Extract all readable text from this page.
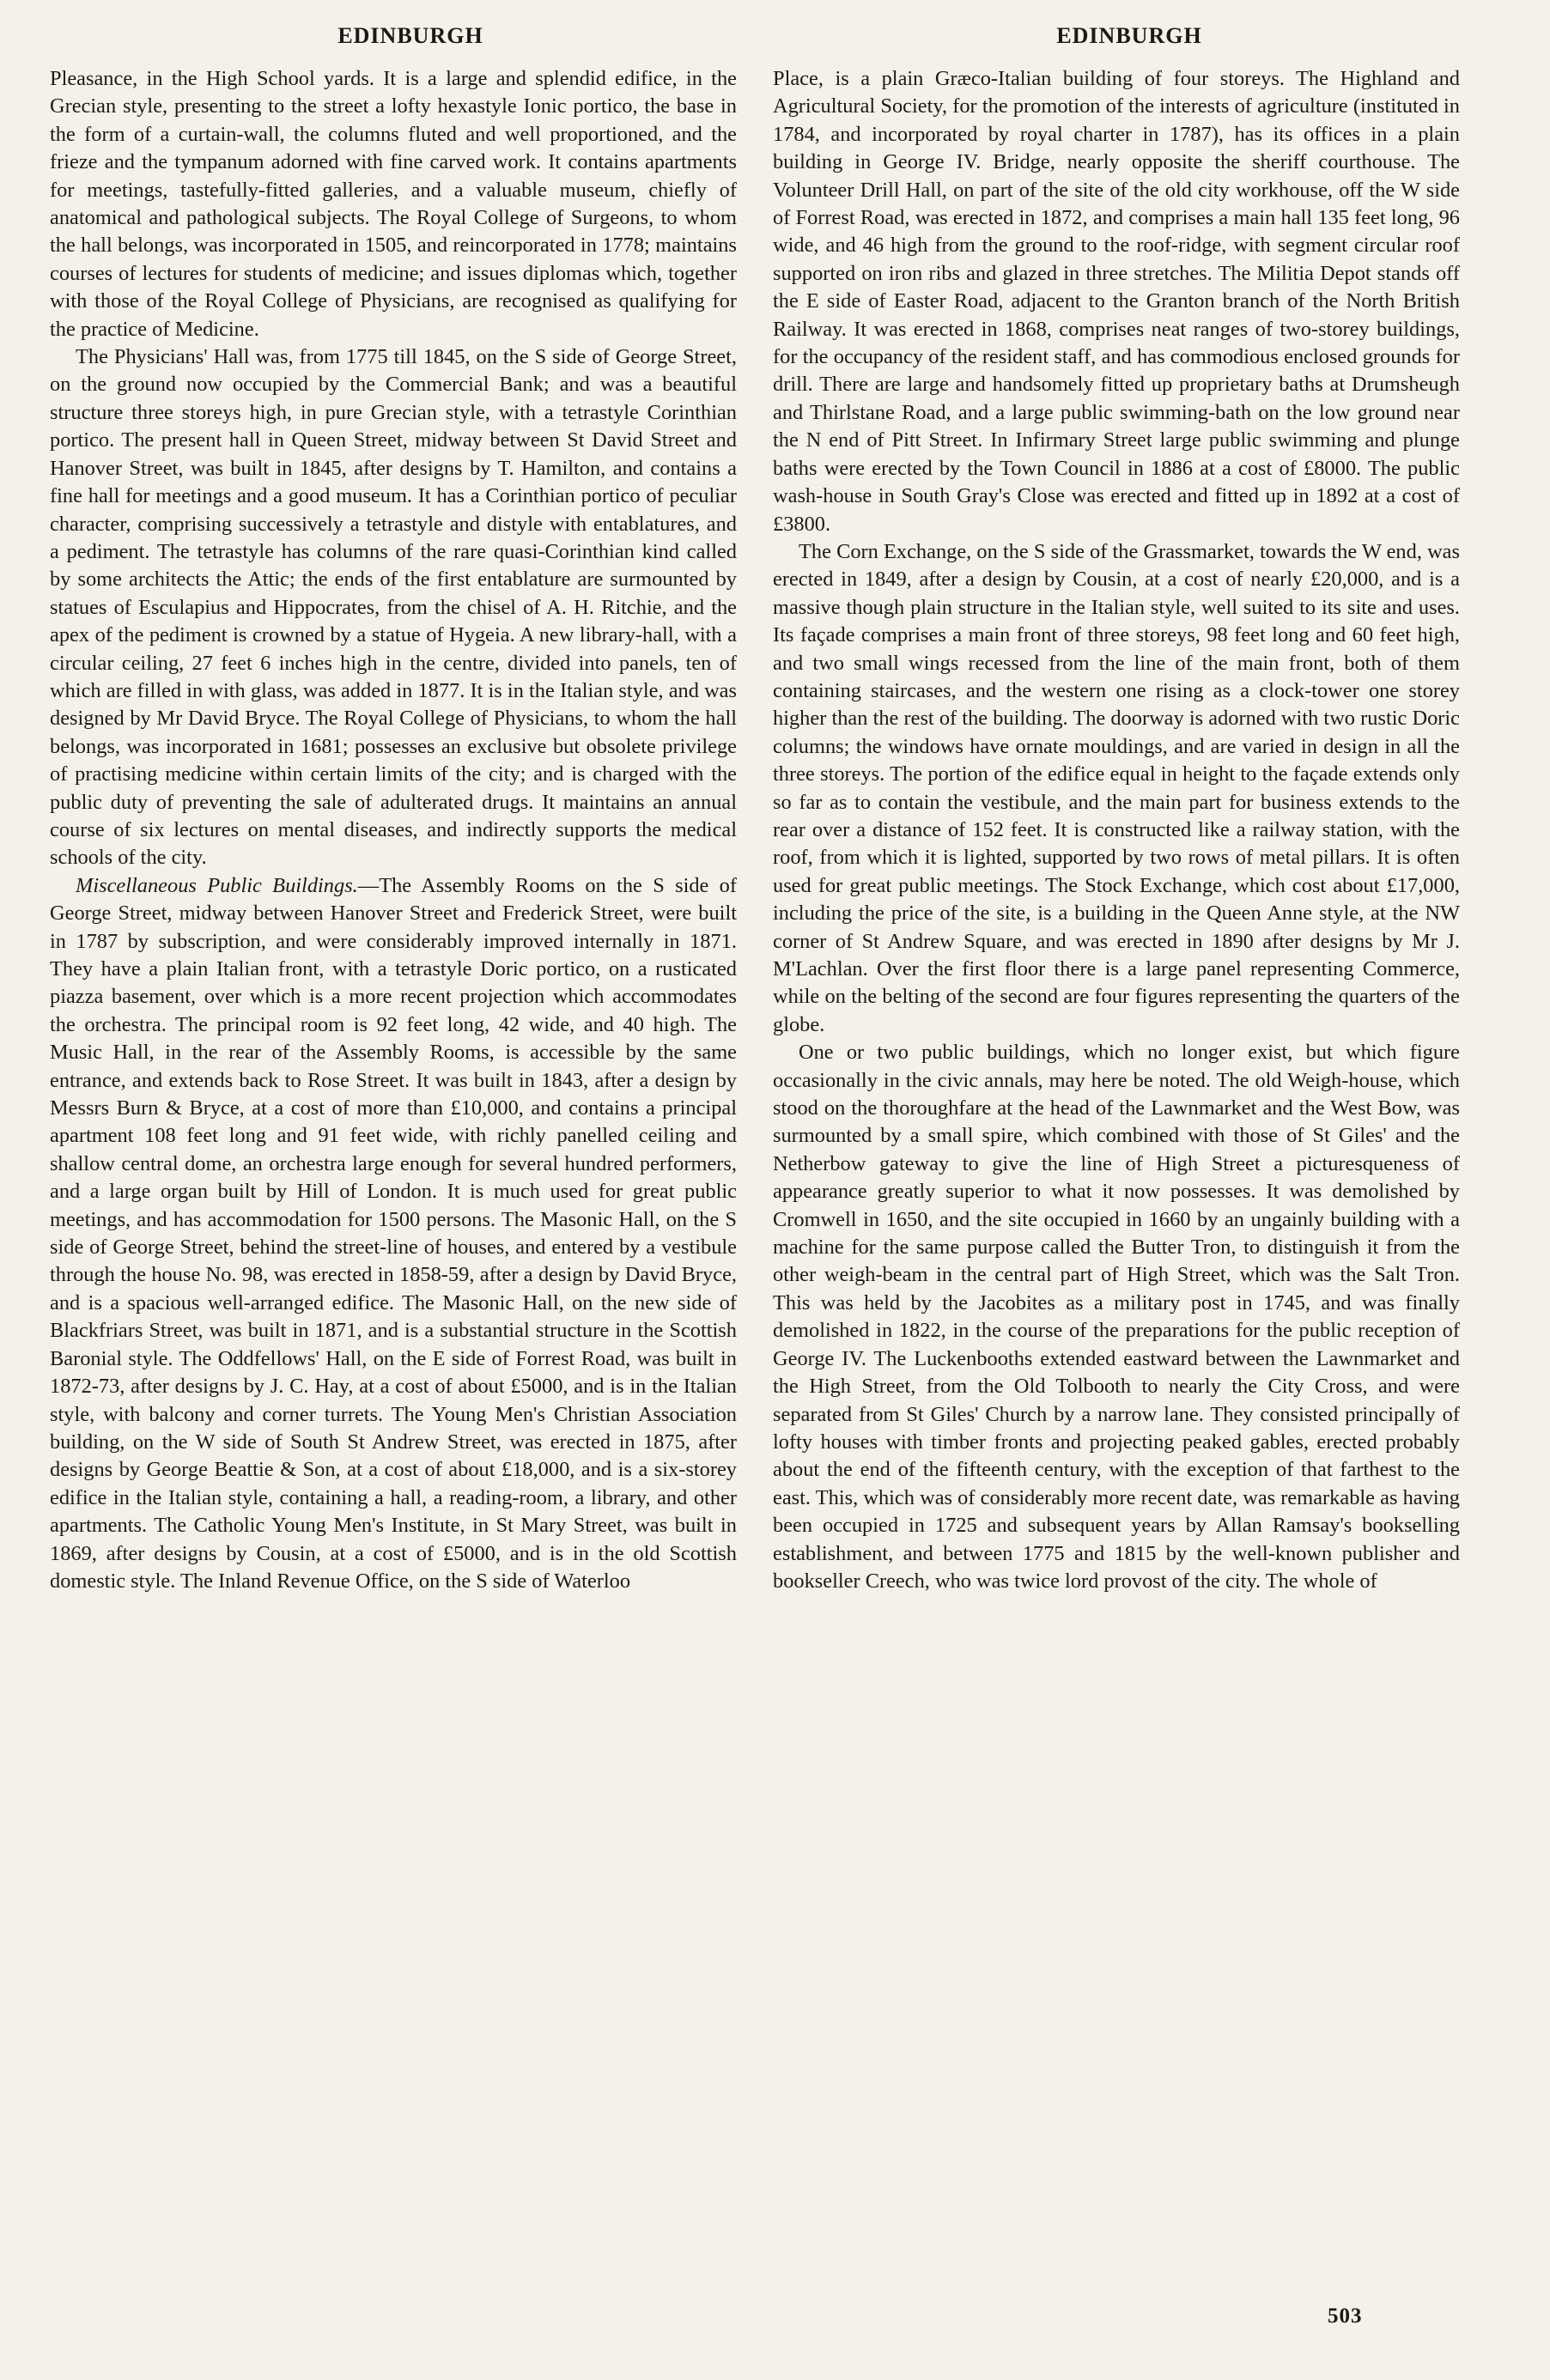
EDINBURGH

Pleasance, in the High School yards. It is a large and splendid edifice, in the Grecian style, presenting to the street a lofty hexastyle Ionic portico, the base in the form of a curtain-wall, the columns fluted and well proportioned, and the frieze and the tympanum adorned with fine carved work. It contains apartments for meetings, tastefully-fitted galleries, and a valuable museum, chiefly of anatomical and pathological subjects. The Royal College of Surgeons, to whom the hall belongs, was incorporated in 1505, and reincorporated in 1778; maintains courses of lectures for students of medicine; and issues diplomas which, together with those of the Royal College of Physicians, are recognised as qualifying for the practice of Medicine.

The Physicians' Hall was, from 1775 till 1845, on the S side of George Street, on the ground now occupied by the Commercial Bank; and was a beautiful structure three storeys high, in pure Grecian style, with a tetrastyle Corinthian portico. The present hall in Queen Street, midway between St David Street and Hanover Street, was built in 1845, after designs by T. Hamilton, and contains a fine hall for meetings and a good museum. It has a Corinthian portico of peculiar character, comprising successively a tetrastyle and distyle with entablatures, and a pediment. The tetrastyle has columns of the rare quasi-Corinthian kind called by some architects the Attic; the ends of the first entablature are surmounted by statues of Esculapius and Hippocrates, from the chisel of A. H. Ritchie, and the apex of the pediment is crowned by a statue of Hygeia. A new library-hall, with a circular ceiling, 27 feet 6 inches high in the centre, divided into panels, ten of which are filled in with glass, was added in 1877. It is in the Italian style, and was designed by Mr David Bryce. The Royal College of Physicians, to whom the hall belongs, was incorporated in 1681; possesses an exclusive but obsolete privilege of practising medicine within certain limits of the city; and is charged with the public duty of preventing the sale of adulterated drugs. It maintains an annual course of six lectures on mental diseases, and indirectly supports the medical schools of the city.

Miscellaneous Public Buildings.—The Assembly Rooms on the S side of George Street, midway between Hanover Street and Frederick Street, were built in 1787 by subscription, and were considerably improved internally in 1871. They have a plain Italian front, with a tetrastyle Doric portico, on a rusticated piazza basement, over which is a more recent projection which accommodates the orchestra. The principal room is 92 feet long, 42 wide, and 40 high. The Music Hall, in the rear of the Assembly Rooms, is accessible by the same entrance, and extends back to Rose Street. It was built in 1843, after a design by Messrs Burn & Bryce, at a cost of more than £10,000, and contains a principal apartment 108 feet long and 91 feet wide, with richly panelled ceiling and shallow central dome, an orchestra large enough for several hundred performers, and a large organ built by Hill of London. It is much used for great public meetings, and has accommodation for 1500 persons. The Masonic Hall, on the S side of George Street, behind the street-line of houses, and entered by a vestibule through the house No. 98, was erected in 1858-59, after a design by David Bryce, and is a spacious well-arranged edifice. The Masonic Hall, on the new side of Blackfriars Street, was built in 1871, and is a substantial structure in the Scottish Baronial style. The Oddfellows' Hall, on the E side of Forrest Road, was built in 1872-73, after designs by J. C. Hay, at a cost of about £5000, and is in the Italian style, with balcony and corner turrets. The Young Men's Christian Association building, on the W side of South St Andrew Street, was erected in 1875, after designs by George Beattie & Son, at a cost of about £18,000, and is a six-storey edifice in the Italian style, containing a hall, a reading-room, a library, and other apartments. The Catholic Young Men's Institute, in St Mary Street, was built in 1869, after designs by Cousin, at a cost of £5000, and is in the old Scottish domestic style. The Inland Revenue Office, on the S side of Waterloo

EDINBURGH

Place, is a plain Græco-Italian building of four storeys. The Highland and Agricultural Society, for the promotion of the interests of agriculture (instituted in 1784, and incorporated by royal charter in 1787), has its offices in a plain building in George IV. Bridge, nearly opposite the sheriff courthouse. The Volunteer Drill Hall, on part of the site of the old city workhouse, off the W side of Forrest Road, was erected in 1872, and comprises a main hall 135 feet long, 96 wide, and 46 high from the ground to the roof-ridge, with segment circular roof supported on iron ribs and glazed in three stretches. The Militia Depot stands off the E side of Easter Road, adjacent to the Granton branch of the North British Railway. It was erected in 1868, comprises neat ranges of two-storey buildings, for the occupancy of the resident staff, and has commodious enclosed grounds for drill. There are large and handsomely fitted up proprietary baths at Drumsheugh and Thirlstane Road, and a large public swimming-bath on the low ground near the N end of Pitt Street. In Infirmary Street large public swimming and plunge baths were erected by the Town Council in 1886 at a cost of £8000. The public wash-house in South Gray's Close was erected and fitted up in 1892 at a cost of £3800.

The Corn Exchange, on the S side of the Grassmarket, towards the W end, was erected in 1849, after a design by Cousin, at a cost of nearly £20,000, and is a massive though plain structure in the Italian style, well suited to its site and uses. Its façade comprises a main front of three storeys, 98 feet long and 60 feet high, and two small wings recessed from the line of the main front, both of them containing staircases, and the western one rising as a clock-tower one storey higher than the rest of the building. The doorway is adorned with two rustic Doric columns; the windows have ornate mouldings, and are varied in design in all the three storeys. The portion of the edifice equal in height to the façade extends only so far as to contain the vestibule, and the main part for business extends to the rear over a distance of 152 feet. It is constructed like a railway station, with the roof, from which it is lighted, supported by two rows of metal pillars. It is often used for great public meetings. The Stock Exchange, which cost about £17,000, including the price of the site, is a building in the Queen Anne style, at the NW corner of St Andrew Square, and was erected in 1890 after designs by Mr J. M'Lachlan. Over the first floor there is a large panel representing Commerce, while on the belting of the second are four figures representing the quarters of the globe.

One or two public buildings, which no longer exist, but which figure occasionally in the civic annals, may here be noted. The old Weigh-house, which stood on the thoroughfare at the head of the Lawnmarket and the West Bow, was surmounted by a small spire, which combined with those of St Giles' and the Netherbow gateway to give the line of High Street a picturesqueness of appearance greatly superior to what it now possesses. It was demolished by Cromwell in 1650, and the site occupied in 1660 by an ungainly building with a machine for the same purpose called the Butter Tron, to distinguish it from the other weigh-beam in the central part of High Street, which was the Salt Tron. This was held by the Jacobites as a military post in 1745, and was finally demolished in 1822, in the course of the preparations for the public reception of George IV. The Luckenbooths extended eastward between the Lawnmarket and the High Street, from the Old Tolbooth to nearly the City Cross, and were separated from St Giles' Church by a narrow lane. They consisted principally of lofty houses with timber fronts and projecting peaked gables, erected probably about the end of the fifteenth century, with the exception of that farthest to the east. This, which was of considerably more recent date, was remarkable as having been occupied in 1725 and subsequent years by Allan Ramsay's bookselling establishment, and between 1775 and 1815 by the well-known publisher and bookseller Creech, who was twice lord provost of the city. The whole of

503
